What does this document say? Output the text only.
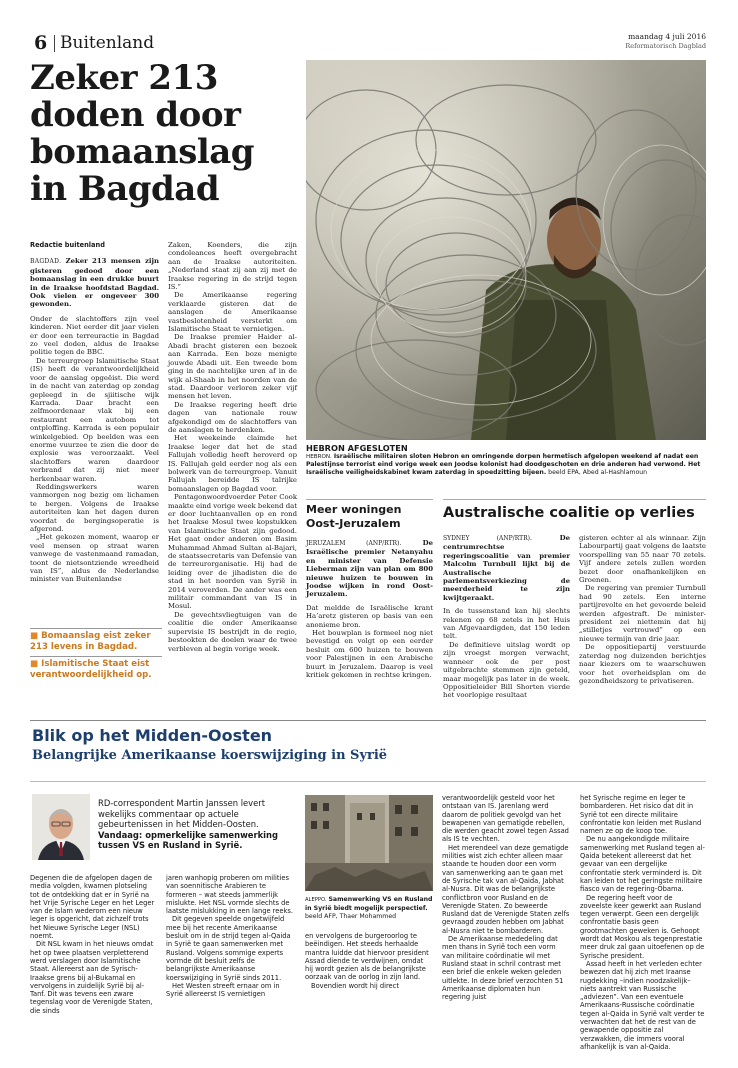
6 Buitenland	maandag 4 juli 2016
Reformatorisch Dagblad
Zeker 213
doden door
bomaanslag
in Bagdad
Redactie buitenland

BAGDAD. Zeker 213 mensen zijn gisteren gedood door een bomaanslag in een drukke buurt in de Iraakse hoofdstad Bagdad. Ook vielen er ongeveer 300 gewonden.

Onder de slachtoffers zijn veel kinderen. Niet eerder dit jaar vielen er door een terreuractie in Bagdad zo veel doden, aldus de Iraakse politie tegen de BBC.

De terreurgroep Islamitische Staat (IS) heeft de verantwoordelijkheid voor de aanslag opgeëist. Die werd in de nacht van zaterdag op zondag gepleegd in de sjiitische wijk Karrada. Daar bracht een zelfmoordenaar vlak bij een restaurant een autobom tot ontploffing. Karrada is een populair winkelgebied. Op beelden was een enorme vuurzee te zien die door de explosie was veroorzaakt. Veel slachtoffers waren daardoor verbrand dat zij niet meer herkenbaar waren.

Reddingswerkers waren vanmorgen nog bezig om lichamen te bergen. Volgens de Iraakse autoriteiten kan het dagen duren voordat de bergingsoperatie is afgerond.

„Het gekozen moment, waarop er veel mensen op straat waren vanwege de vastenmaand ramadan, toont de nietsontziende wreedheid van IS”, aldus de Nederlandse minister van Buitenlandse

■ Bomaanslag eist zeker 213 levens in Bagdad.
■ Islamitische Staat eist verantwoordelijkheid op.

Zaken, Koenders, die zijn condoleances heeft overgebracht aan de Iraakse autoriteiten. „Nederland staat zij aan zij met de Iraakse regering in de strijd tegen IS.”

De Amerikaanse regering verklaarde gisteren dat de aanslagen de Amerikaanse vastbeslotenheid versterkt om Islamitische Staat te vernietigen.

De Iraakse premier Haider al-Abadi bracht gisteren een bezoek aan Karrada. Een boze menigte jouwde Abadi uit. Een tweede bom ging in de nachtelijke uren af in de wijk al-Shaab in het noorden van de stad. Daardoor verloren zeker vijf mensen het leven.

De Iraakse regering heeft drie dagen van nationale rouw afgekondigd om de slachtoffers van de aanslagen te herdenken.

Het weekeinde claimde het Iraakse leger dat het de stad Fallujah volledig heeft heroverd op IS. Fallujah geld eerder nog als een bolwerk van de terreurgroep. Vanuit Fallujah bereidde IS talrijke bomaanslagen op Bagdad voor.

Pentagonwoordvoerder Peter Cook maakte eind vorige week bekend dat er door luchtaanvallen op en rond het Iraakse Mosul twee kopstukken van Islamitische Staat zijn gedood. Het gaat onder anderen om Basim Muhammad Ahmad Sultan al-Bajari, de staatssecretaris van Defensie van de terreurorganisatie. Hij had de leiding over de jihadisten die de stad in het noorden van Syrië in 2014 veroverden. De ander was een militair commandant van IS in Mosul.

De gevechtsvliegtuigen van de coalitie die onder Amerikaanse supervisie IS bestrijdt in de regio, bestookten de doelen waar de twee verbleven al begin vorige week.

HEBRON AFGESLOTEN
HEBRON. Israëlische militairen sloten Hebron en omringende dorpen hermetisch afgelopen weekend af nadat een Palestijnse terrorist eind vorige week een Joodse kolonist had doodgeschoten en drie anderen had verwond. Het Israëlische veiligheidskabinet kwam zaterdag in spoedzitting bijeen. beeld EPA, Abed al-Hashlamoun
Meer woningen Oost-Jeruzalem

JERUZALEM (ANP/RTR).	De Israëlische premier Netanyahu en minister van Defensie Lieberman zijn van plan om 800 nieuwe huizen te bouwen in Joodse wijken in rond Oost-Jeruzalem.

Dat meldde de Israëlische krant Ha’aretz gisteren op basis van een anonieme bron.

Het bouwplan is formeel nog niet bevestigd en volgt op een eerder besluit om 600 huizen te bouwen voor Palestijnen in een Arabische buurt in Jeruzalem. Daarop is veel kritiek gekomen in rechtse kringen.

Australische coalitie op verlies

SYDNEY (ANP/RTR).	De centrumrechtse regeringscoalitie van premier Malcolm Turnbull lijkt bij de Australische parlementsverkiezing de meerderheid te zijn kwijtgeraakt.

In de tussenstand kan hij slechts rekenen op 68 zetels in het Huis van Afgevaardigden, dat 150 leden telt.

De definitieve uitslag wordt op zijn vroegst morgen verwacht, wanneer ook de per post uitgebrachte stemmen zijn geteld, maar mogelijk pas later in de week. Oppositieleider Bill Shorten vierde het voorlopige resultaat

gisteren echter al als winnaar. Zijn Labourpartij gaat volgens de laatste voorspelling van 55 naar 70 zetels. Vijf andere zetels zullen worden bezet door onafhankelijken en Groenen.

De regering van premier Turnbull had 90 zetels. Een interne partijrevolte en het gevoerde beleid werden afgestraft. De minister-president zei niettemin dat hij „stilletjes vertrouwd” op een nieuwe termijn van drie jaar.

De oppositiepartij verstuurde zaterdag nog duizenden berichtjes naar kiezers om te waarschuwen voor het overheidsplan om de gezondheidszorg te privatiseren.

Blik op het Midden-Oosten
Belangrijke Amerikaanse koerswijziging in Syrië
RD-correspondent Martin Janssen levert wekelijks commentaar op actuele gebeurtenissen in het Midden-Oosten. Vandaag: opmerkelijke samenwerking tussen VS en Rusland in Syrië.

Degenen die de afgelopen dagen de media volgden, kwamen plotseling tot de ontdekking dat er in Syrië na het Vrije Syrische Leger en het Leger van de Islam wederom een nieuw leger is opgericht, dat zichzelf trots het Nieuwe Syrische Leger (NSL) noemt.

Dit NSL kwam in het nieuws omdat het op twee plaatsen verpletterend werd verslagen door Islamitische Staat. Allereerst aan de Syrisch-Iraakse grens bij al-Bukamal en vervolgens in zuidelijk Syrië bij al-Tanf. Dit was tevens een zware tegenslag voor de Verenigde Staten, die sinds

jaren wanhopig proberen om milities van soennitische Arabieren te formeren – wat steeds jammerlijk mislukte. Het NSL vormde slechts de laatste mislukking in een lange reeks.

Dit gegeven speelde ongetwijfeld mee bij het recente Amerikaanse besluit om in de strijd tegen al-Qaida in Syrië te gaan samenwerken met Rusland. Volgens sommige experts vormde dit besluit zelfs de belangrijkste Amerikaanse koerswijziging in Syrië sinds 2011.

Het Westen streeft ernaar om in Syrië allereerst IS vernietigen

ALEPPO. Samenwerking VS en Rusland in Syrië biedt mogelijk perspectief. beeld AFP, Thaer Mohammed

en vervolgens de burgeroorlog te beëindigen. Het steeds herhaalde mantra luidde dat hiervoor president Assad diende te verdwijnen, omdat hij wordt gezien als de belangrijkste oorzaak van de oorlog in zijn land.

Bovendien wordt hij direct

verantwoordelijk gesteld voor het ontstaan van IS. Jarenlang werd daarom de politiek gevolgd van het bewapenen van gematigde rebellen, die werden geacht zowel tegen Assad als IS te vechten.

Het merendeel van deze gematigde milities wist zich echter alleen maar staande te houden door een vorm van samenwerking aan te gaan met de Syrische tak van al-Qaida, Jabhat al-Nusra. Dit was de belangrijkste conflictbron voor Rusland en de Verenigde Staten. Zo beweerde Rusland dat de Verenigde Staten zelfs gevraagd zouden hebben om Jabhat al-Nusra niet te bombarderen.

De Amerikaanse mededeling dat men thans in Syrië toch een vorm van militaire coördinatie wil met Rusland staat in schril contrast met een brief die enkele weken geleden uitlekte. In deze brief verzochten 51 Amerikaanse diplomaten hun regering juist

het Syrische regime en leger te bombarderen. Het risico dat dit in Syrië tot een directe militaire confrontatie kon leiden met Rusland namen ze op de koop toe.

De nu aangekondigde militaire samenwerking met Rusland tegen al-Qaida betekent allereerst dat het gevaar van een dergelijke confrontatie sterk verminderd is. Dit kan leiden tot het geringste militaire fiasco van de regering-Obama.

De regering heeft voor de zoveelste keer gewerkt aan Rusland tegen verwerpt. Geen een dergelijk confrontatie basis geen grootmachten geweken is. Gehoopt wordt dat Moskou als tegenprestatie meer druk zal gaan uitoefenen op de Syrische president.

Assad heeft in het verleden echter bewezen dat hij zich met Iraanse rugdekking –indien noodzakelijk– niets aantrekt van Russische „adviezen”. Van een eventuele Amerikaans-Russische coördinatie tegen al-Qaida in Syrië valt verder te verwachten dat het de rest van de gewapende oppositie zal verzwakken, die immers vooral afhankelijk is van al-Qaida.
